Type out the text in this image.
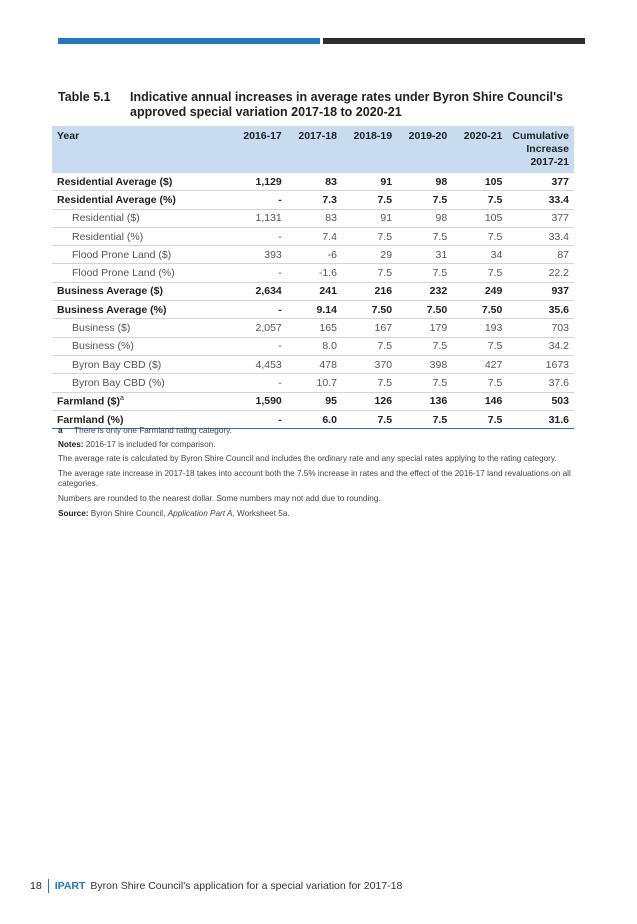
Table 5.1 Indicative annual increases in average rates under Byron Shire Council's approved special variation 2017-18 to 2020-21
Year	2016-17	2017-18	2018-19	2019-20	2020-21	Cumulative Increase 2017-21
Residential Average ($)	1,129	83	91	98	105	377
Residential Average (%)	-	7.3	7.5	7.5	7.5	33.4
Residential ($)	1,131	83	91	98	105	377
Residential (%)	-	7.4	7.5	7.5	7.5	33.4
Flood Prone Land ($)	393	-6	29	31	34	87
Flood Prone Land (%)	-	-1.6	7.5	7.5	7.5	22.2
Business Average ($)	2,634	241	216	232	249	937
Business Average (%)	-	9.14	7.50	7.50	7.50	35.6
Business ($)	2,057	165	167	179	193	703
Business (%)	-	8.0	7.5	7.5	7.5	34.2
Byron Bay CBD ($)	4,453	478	370	398	427	1673
Byron Bay CBD (%)	-	10.7	7.5	7.5	7.5	37.6
Farmland ($)$^a$	1,590	95	126	136	146	503
Farmland (%)	-	6.0	7.5	7.5	7.5	31.6

a There is only one Farmland rating category.

Notes: 2016-17 is included for comparison.

The average rate is calculated by Byron Shire Council and includes the ordinary rate and any special rates applying to the rating category.

The average rate increase in 2017-18 takes into account both the 7.5% increase in rates and the effect of the 2016-17 land revaluations on all categories.

Numbers are rounded to the nearest dollar. Some numbers may not add due to rounding.

Source: Byron Shire Council, Application Part A, Worksheet 5a.

18 IPART Byron Shire Council's application for a special variation for 2017-18
